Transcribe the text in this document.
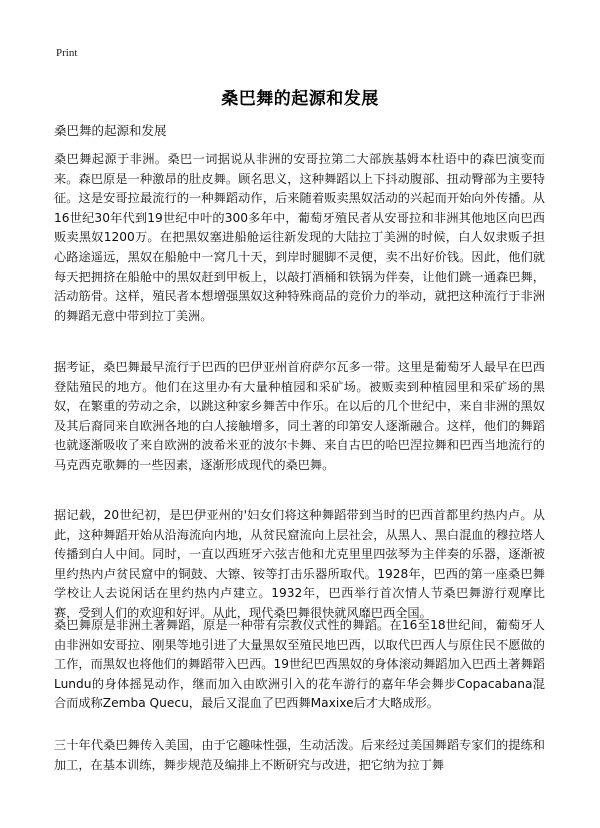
Print
桑巴舞的起源和发展
桑巴舞的起源和发展

桑巴舞起源于非洲。桑巴一词据说从非洲的安哥拉第二大部族基姆本杜语中的森巴演变而来。森巴原是一种激昂的肚皮舞。顾名思义，这种舞蹈以上下抖动腹部、扭动臀部为主要特征。这是安哥拉最流行的一种舞蹈动作，后来随着贩卖黑奴活动的兴起而开始向外传播。从16世纪30年代到19世纪中叶的300多年中，葡萄牙殖民者从安哥拉和非洲其他地区向巴西贩卖黑奴1200万。在把黑奴塞进船舱运往新发现的大陆拉丁美洲的时候，白人奴隶贩子担心路途遥远，黑奴在船舱中一窝几十天，到岸时腿脚不灵便，卖不出好价钱。因此，他们就每天把拥挤在船舱中的黑奴赶到甲板上，以敲打酒桶和铁锅为伴奏，让他们跳一通森巴舞，活动筋骨。这样，殖民者本想增强黑奴这种特殊商品的竞价力的举动，就把这种流行于非洲的舞蹈无意中带到拉丁美洲。

据考证，桑巴舞最早流行于巴西的巴伊亚州首府萨尔瓦多一带。这里是葡萄牙人最早在巴西登陆殖民的地方。他们在这里办有大量种植园和采矿场。被贩卖到种植园里和采矿场的黑奴，在繁重的劳动之余，以跳这种家乡舞苦中作乐。在以后的几个世纪中，来自非洲的黑奴及其后裔同来自欧洲各地的白人接触增多，同土著的印第安人逐渐融合。这样，他们的舞蹈也就逐渐吸收了来自欧洲的波希米亚的波尔卡舞、来自古巴的哈巴涅拉舞和巴西当地流行的马克西克歌舞的一些因素，逐渐形成现代的桑巴舞。

据记载，20世纪初，是巴伊亚州的'妇女们将这种舞蹈带到当时的巴西首都里约热内卢。从此，这种舞蹈开始从沿海流向内地，从贫民窟流向上层社会，从黑人、黑白混血的穆拉塔人传播到白人中间。同时，一直以西班牙六弦吉他和尤克里里四弦琴为主伴奏的乐器，逐渐被里约热内卢贫民窟中的铜鼓、大镲、铵等打击乐器所取代。1928年，巴西的第一座桑巴舞学校让人去说闲话在里约热内卢建立。1932年，巴西举行首次情人节桑巴舞游行观摩比赛，受到人们的欢迎和好评。从此，现代桑巴舞很快就风靡巴西全国。

桑巴舞原是非洲土著舞蹈，原是一种带有宗教仪式性的舞蹈。在16至18世纪间，葡萄牙人由非洲如安哥拉、刚果等地引进了大量黑奴至殖民地巴西，以取代巴西人与原住民不愿做的工作，而黑奴也将他们的舞蹈带入巴西。19世纪巴西黑奴的身体滚动舞蹈加入巴西土著舞蹈Lundu的身体摇晃动作，继而加入由欧洲引入的花车游行的嘉年华会舞步Copacabana混合而成称Zemba Quecu，最后又混血了巴西舞Maxixe后才大略成形。

三十年代桑巴舞传入美国，由于它趣味性强，生动活泼。后来经过美国舞蹈专家们的提练和加工，在基本训练，舞步规范及编排上不断研究与改进，把它纳为拉丁舞
